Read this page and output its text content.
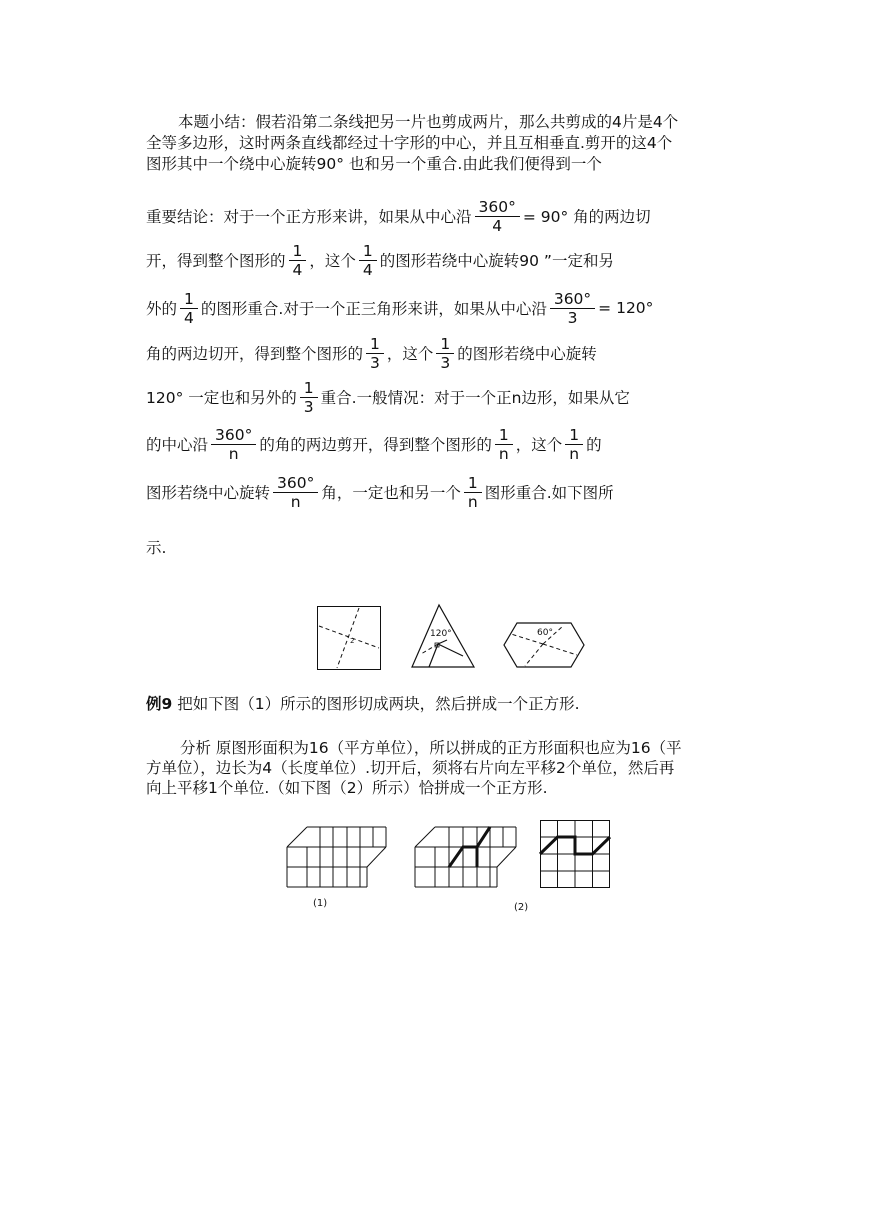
本题小结：假若沿第二条线把另一片也剪成两片，那么共剪成的4片是4个
全等多边形，这时两条直线都经过十字形的中心，并且互相垂直.剪开的这4个
图形其中一个绕中心旋转90° 也和另一个重合.由此我们便得到一个
重要结论：对于一个正方形来讲，如果从中心沿 $\frac{360^\circ}{4} = 90^\circ$ 角的两边切
开，得到整个图形的 $\frac{1}{4}$ ，这个 $\frac{1}{4}$ 的图形若绕中心旋转90 ”一定和另
外的 $\frac{1}{4}$ 的图形重合.对于一个正三角形来讲，如果从中心沿 $\frac{360^\circ}{3} = 120^\circ$
角的两边切开，得到整个图形的 $\frac{1}{3}$ ，这个 $\frac{1}{3}$ 的图形若绕中心旋转
120° 一定也和另外的 $\frac{1}{3}$ 重合.一般情况：对于一个正n边形，如果从它
的中心沿 $\frac{360^\circ}{n}$ 的角的两边剪开，得到整个图形的 $\frac{1}{n}$ ，这个 $\frac{1}{n}$ 的
图形若绕中心旋转 $\frac{360^\circ}{n}$ 角，一定也和另一个 $\frac{1}{n}$ 图形重合.如下图所
示.
2
120°	60°
例9 把如下图（1）所示的图形切成两块，然后拼成一个正方形.
分析 原图形面积为16（平方单位），所以拼成的正方形面积也应为16（平
方单位），边长为4（长度单位）.切开后，须将右片向左平移2个单位，然后再
向上平移1个单位.（如下图（2）所示）恰拼成一个正方形.
(1)	(2)
